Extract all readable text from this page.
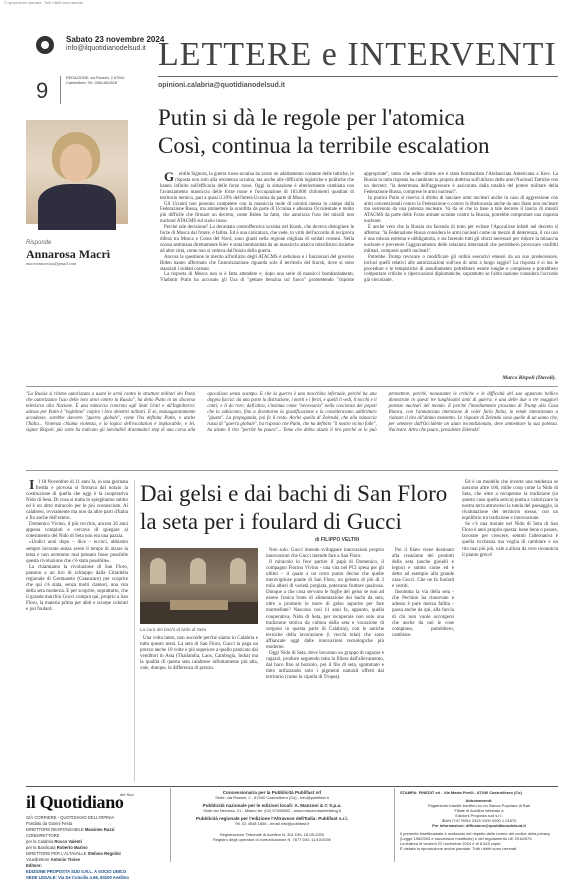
© riproduzione riservata · Tutti i diritti sono riservati
Sabato 23 novembre 2024
info@ilquotidianodelsud.it LETTERE e INTERVENTI
9	REDAZIONE: via Rossini, 2 87040 Castrolibero Tel. 0984-852828	opinioni.calabria@quotidianodelsud.it
Risponde
Annarosa Macrì
macriannarosa@gmail.com
Putin si dà le regole per l'atomica
Così, continua la terribile escalation

Gentile Signora, la guerra russo-ucraina ha avuto un adattamento costante delle tattiche, in risposta non solo alla resistenza ucraina, ma anche alle difficoltà logistiche e politiche che hanno influito sull'efficacia delle forze russe. Oggi la situazione è ulteriormente cambiata con l'avanzamento massiccio delle forze russe e l'occupazione di 103.000 chilometri quadrati di territorio nemico, pari a quasi il 20% dell'intera Ucraina da parte di Mosca.

Gli Ucraini non possono competere con la massiccia mole di uomini messa in campo dalla Federazione Russa, ma ammettere la sconfitta da parte di Ucraina e alleanza Occidentale è molto più difficile che firmare un decreto, come Biden ha fatto, che autorizza l'uso dei missili non nucleari ATACMS sul suolo russo.

Perché tale decisione? La decantata controffensiva ucraina nel Kursk, che doveva distogliere le forze di Mosca dal fronte, è fallita. Ed è una caricatura, che vede, in virtù dell'accordo di reciproca difesa tra Mosca e Corea del Nord, sono giunti nella regione migliaia di soldati coreani. Nella scorsa settimana direttamente Kiev è stata bombardata da un massiccio attacco missilistico insieme ad altre città, come non si vedeva dall'inizio della guerra.

Ancora la questione in merito all'utilizzo degli ATACMS è nebulosa e i funzionari del governo Biden hanno affermato che l'autorizzazione riguarda solo il territorio del Kursk, dove si sono stanziati i soldati coreani.

La risposta di Mosca non si è fatta attendere e, dopo una serie di massicci bombardamenti, Vladimir Putin ha accusato gli Usa di "gettare benzina sul fuoco" promettendo "risposte appropriate", tanto che nelle ultime ore è stata bombardata l'Ambasciata Americana a Kiev. La Russia in tutta risposta ha cambiato la propria dottrina sull'utilizzo delle armi Nucleari Tattiche con un decreto: "la deterrenza dell'aggressore è assicurata dalla totalità del potere militare della Federazione Russa, comprese le armi nucleari".

In pratica Putin si riserva il diritto di lanciare armi nucleari anche in caso di aggressione con armi convenzionali contro la Federazione o contro la Bielorussia anche da uno Stato non nucleare ma sostenuto da una potenza nucleare. Va da sé che in base a tale decreto il lancio di missili ATACMS da parte delle Forze armate ucraine contro la Russia, potrebbe comportare una risposta nucleare.

È anche vero che la Russia sta facendo di tutto per evitare l'Apocalisse infatti nel decreto si afferma: "la Federazione Russa considera le armi nucleari come un mezzo di deterrenza, il cui uso è una misura estrema e obbligatoria, e sta facendo tutti gli sforzi necessari per ridurre la minaccia nucleare e prevenire l'aggravamento delle relazioni interstatali che potrebbero provocare conflitti militari, compresi quelli nucleari".

Potrebbe Trump revocare o modificare gli ordini esecutivi emessi da un suo predecessore, inclusi quelli relativi alle autorizzazioni sull'uso di armi a lungo raggio? La risposta è sì ma le procedure e le tempistiche di annullamento potrebbero essere lunghe e complesse e potrebbero comportare critiche o ripercussioni diplomatiche, soprattutto se l'altra nazione considera l'accordo già vincolante.

Marco Rispoli (Davoli).
"La Russia si ritiene autorizzata a usare le armi contro le strutture militari dei Paesi che autorizzano l'uso delle loro armi contro la Russia", ha detto Putin in un discorso televisivo alla Nazione. E una minaccia concreta agli Stati Uniti e all'Inghilterra: adesso per Putin è "legittimo" colpire i loro obiettivi militari. E se, malauguratamente accadesse, sarebbe davvero "guerra globale", come l'ha definita Putin, e anche l'Italia... Violenza chiama violenza, e la logica dell'escalation è implacabile, e lei, signor Rispoli, più volte ha indicato gli inevitabili drammatici step di una corsa alla apocalisse senza scampo. E che la guerra è una macchina infernale, perché ha una doppia faccia: da una parte la distruzione, i morti e i feriti, e quelli li vedi, li tocchi e li conti; e li do rore; dall'altra, s'insinua come "necessaria" nella coscienza dei popoli che la subiscono, fino a diventarne la giustificazione e la consideravano addirittura "giusta". La propaganda, poi fa il resto. Anche quella di Zelenski, che alla minaccia russa di "guerra globale", ha risposto che Putin, che ha definito "il nostro vicino folle", ha alzato il tiro "perché ha paura"... Temo che abbia alzato il tiro perché se lo può permettere, perché, nonostante le critiche e le difficoltà del suo apparato bellico dimostrate in questi tre lunghissimi anni di guerra, è una delle due o tre maggiori potenze nucleari del mondo. E perché l'insediamento prossimo di Trump alla Casa Bianca, con l'annunciata intenzione di voler farla finita, lo rende intenzionato a rialzare il tiro all'ultimo momento. Le risposte di Zelenski sono quelle di un uomo che, per ottenere dall'Occidente un aiuto incondizionato, deve annientare la sua potenza. Nucleare. Altro che paura, presidente Zelenski!

Il 18 Novembre di 11 anni fa, in una giornata fredda e piovosa si firmava dal notaio la costituzione di quella che oggi è la cooperativa Nido di Seta. Di cosa si tratta lo spieghiamo subito ed è un altro miracolo per le più sconosciute. Ai calabresi, ovviamente ma non da altre parti d'Italia e fin anche dell'estero.

Domenico Vivino, il più vecchio, ancora 26 anni appena compiuti e cercava di spiegare al cotesimento del Nido di Seta non era una pazzia.

«Undici anni dopo – dice – eccoci, abbiamo sempre lavorato senza avere il tempo di alzare la testa e non avremmo mai pensato fosse possibile questa rivoluzione che c'è stata possibile».

La chiamiamo la rivoluzione di San Floro, paesino a un tiro di schioppo dalla Cittadella regionale di Germaneto (Catanzaro) per scoprire che qui c'è stata, senza molti clamori, una vita della seta moderna. E per scoprire, soprattutto, che il grande marchio Gucci compra qui, proprio a San Floro, la materia prima per abiti e sciarpe colorati e poi foulard.

Dai gelsi e dai bachi di San Floro
la seta per i foulard di Gucci
di FILIPPO VELTRI
La cura dei bachi al Nido di Seta

Una volta tanto, non succede perché siamo in Calabria e tutto questo mesi. La seta di San Floro, Gucci la paga un prezzo anche 10 volte e più superiore a quello praticato dai venditori in Asia (Thailandia, Laos, Cambogia, India) ma la qualità di questa seta calabrese infinitamente più alta, vale, dunque, la differenza di prezzo.

Non solo. Gucci intende sviluppare innovazioni proprio innovazioni che Gucci intende fare a San Floro.

Il miracolo lo fece partire il papà di Domenico, il compagno Florino Vivino - una vita nel PCI spesa per gli ultimi – il quale a un certo punto decise che quelle meravigliose piante di San Floro, un gelseto di più di 3 mila alberi di varietà pregiata, potevano fruttare qualcosa. Dunque a che cosa servono le foglie del gelso se non ad essere l'unica fonte di alimentazione dei bachi da seta, oltre a produrre le more di gelso saporite per fare marmellate? Nascono così 11 anni fa, appunto, quella cooperativa, Nido di Seta, per recuperare non solo una tradizione storica da cultura della seta e vocazione di sorgono in questa parte di Calabria), con le antiche tecniche della lavorazione (i vecchi telai) che sono affiancate oggi dalle innovazioni tecnologiche più moderne.

Oggi Nido di Seta, dove lavorano un gruppo di ragazze e ragazzi, produce seguendo tutta la filiera dall'allevamento, dal baco fino al bozzolo, poi il filo di seta, sgommato e tinto utilizzando solo i pigmenti naturali offerti dal territorio (come la cipolla di Tropea).

Poi il filato viene destinato alla creazione dei prodotti della seta (anche gioielli e legno) e subito come ed è detto ad esempio alla grande casa Gucci. Che ne fa foulard e vestiti.

Insomma la via della seta - che Pechino ha rinnovato e adesso è pure mezza fallita - passa anche da qui, alla faccia di chi non vuole accorgersi che anche da noi le cose compiono, potrebbero, cambiare.

Ed è un modello che inverte una tendenza se nascono altre 100, mille coop come la Nido di Seta, che oltre a recuperare la tradizione (in questo caso quella serica) punta a valorizzare la nostra terra attraverso la tutela del paesaggio, la rivalutazione del territorio stesso, con un equilibrio tra tradizione e innovazione.

Se c'è una morale nel Nido di Seta di San Floro è anni proprio questa: bene bene o pesare, lavorare per crescere, semmi l'alternativa è quella ricchezza ma voglia di cambiare e un rito mai più più, vale a allora da vero riconnicia il pianto greco!

il Quotidiano
del Sud
GIÀ CORRIERE - QUOTIDIANO DELL'IRPINIA
Fondato da Gianni Festa
DIRETTORE RESPONSABILE Massimo Razzi
CONDIRETTORE
per la Calabria Rocco Valenti
per la Basilicata Roberto Marino
DIRETTORE PER L'ALTAVALLE Stefano Regolini
Vicedirettore Antonio Troise
Editore:
EDIZIONE PROPOSTA SUD S.R.L. A SOCIO UNICO
SEDE LEGALE: Via De Concilis n.66, 83100 Avellino
Concessionaria per la Pubblicità Publifast srl
Sede: via Rossini, 2 - 87040 Castrolibero (Cs) - info@publifast.it
Pubblicità nazionale per le edizioni locali: A. Manzoni & C S.p.a.
Sede via Nervesa, 21 - Milano tel. (02) 57494802 - www.manzoniadvertising.it
Pubblicità regionale per l'edizione l'Altravoce dell'Italia: Publifast s.r.l.
Tel. 02 4548 1655 - email info@publifast.it
Registrazione Tribunale di Avellino N. 301 DEL 18-05-2000
Registro degli operatori di comunicazione N. 7677 DEL 11/10/2000
STAMPA: FINEDIT srl - Via Marta Pirelli - 87040 Castrolibero (Cs)
Abbonamenti:
Pagamento tramite bonifico su c/c Banca Popolare di Bari
Filiale di Avellino intestato a
Edizioni Proposta sud s.r.l.
IBAN IT47 R054 2415 1000 0000 1 01870
Per informazioni: diffusione@quotidianodelsud.it
Il presente bisettimanale è realizzato nel rispetto delle norme del codice della privacy (Legge 196/2003 e successive modifiche) e del regolamento UE 2016/679.
La tiratura di venerdì 22 novembre 2024 è di 8.543 copie.
È vietata la riproduzione anche parziale. Tutti i diritti sono riservati.
